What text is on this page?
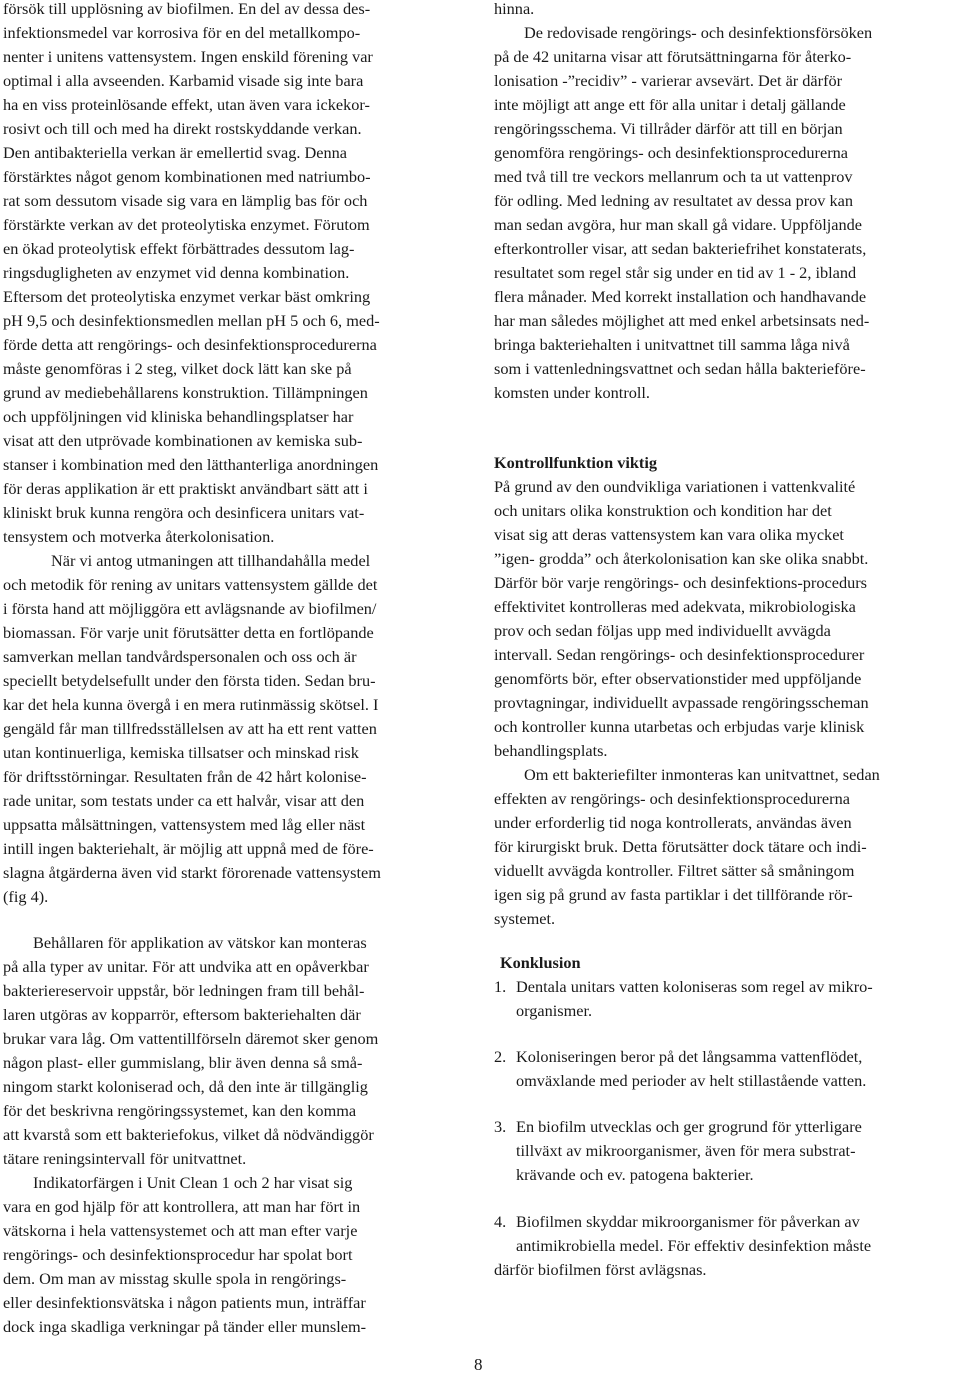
försök till upplösning av biofilmen. En del av dessa des-
infektionsmedel var korrosiva för en del metallkompo-
nenter i unitens vattensystem. Ingen enskild förening var
optimal i alla avseenden. Karbamid visade sig inte bara
ha en viss proteinlösande effekt, utan även vara ickekor-
rosivt och till och med ha direkt rostskyddande verkan.
Den antibakteriella verkan är emellertid svag. Denna
förstärktes något genom kombinationen med natriumbo-
rat som dessutom visade sig vara en lämplig bas för och
förstärkte verkan av det proteolytiska enzymet. Förutom
en ökad proteolytisk effekt förbättrades dessutom lag-
ringsdugligheten av enzymet vid denna kombination.
Eftersom det proteolytiska enzymet verkar bäst omkring
pH 9,5 och desinfektionsmedlen mellan pH 5 och 6, med-
förde detta att rengörings- och desinfektionsprocedurerna
måste genomföras i 2 steg, vilket dock lätt kan ske på
grund av mediebehållarens konstruktion. Tillämpningen
och uppföljningen vid kliniska behandlingsplatser har
visat att den utprövade kombinationen av kemiska sub-
stanser i kombination med den lätthanterliga anordningen
för deras applikation är ett praktiskt användbart sätt att i
kliniskt bruk kunna rengöra och desinficera unitars vat-
tensystem och motverka återkolonisation.
När vi antog utmaningen att tillhandahålla medel
och metodik för rening av unitars vattensystem gällde det
i första hand att möjliggöra ett avlägsnande av biofilmen/
biomassan. För varje unit förutsätter detta en fortlöpande
samverkan mellan tandvårdspersonalen och oss och är
speciellt betydelsefullt under den första tiden. Sedan bru-
kar det hela kunna övergå i en mera rutinmässig skötsel. I
gengäld får man tillfredsställelsen av att ha ett rent vatten
utan kontinuerliga, kemiska tillsatser och minskad risk
för driftsstörningar. Resultaten från de 42 hårt kolonise-
rade unitar, som testats under ca ett halvår, visar att den
uppsatta målsättningen, vattensystem med låg eller näst
intill ingen bakteriehalt, är möjlig att uppnå med de före-
slagna åtgärderna även vid starkt förorenade vattensystem
(fig 4).
Behållaren för applikation av vätskor kan monteras
på alla typer av unitar. För att undvika att en opåverkbar
bakteriereservoir uppstår, bör ledningen fram till behål-
laren utgöras av kopparrör, eftersom bakteriehalten där
brukar vara låg. Om vattentillförseln däremot sker genom
någon plast- eller gummislang, blir även denna så små-
ningom starkt koloniserad och, då den inte är tillgänglig
för det beskrivna rengöringssystemet, kan den komma
att kvarstå som ett bakteriefokus, vilket då nödvändiggör
tätare reningsintervall för unitvattnet.
Indikatorfärgen i Unit Clean 1 och 2 har visat sig
vara en god hjälp för att kontrollera, att man har fört in
vätskorna i hela vattensystemet och att man efter varje
rengörings- och desinfektionsprocedur har spolat bort
dem. Om man av misstag skulle spola in rengörings-
eller desinfektionsvätska i någon patients mun, inträffar
dock inga skadliga verkningar på tänder eller munslem-
hinna.
De redovisade rengörings- och desinfektionsförsöken
på de 42 unitarna visar att förutsättningarna för återko-
lonisation -”recidiv” - varierar avsevärt. Det är därför
inte möjligt att ange ett för alla unitar i detalj gällande
rengöringsschema. Vi tillråder därför att till en början
genomföra rengörings- och desinfektionsprocedurerna
med två till tre veckors mellanrum och ta ut vattenprov
för odling. Med ledning av resultatet av dessa prov kan
man sedan avgöra, hur man skall gå vidare. Uppföljande
efterkontroller visar, att sedan bakteriefrihet konstaterats,
resultatet som regel står sig under en tid av 1 - 2, ibland
flera månader. Med korrekt installation och handhavande
har man således möjlighet att med enkel arbetsinsats ned-
bringa bakteriehalten i unitvattnet till samma låga nivå
som i vattenledningsvattnet och sedan hålla bakterieföre-
komsten under kontroll.
Kontrollfunktion viktig
På grund av den oundvikliga variationen i vattenkvalité
och unitars olika konstruktion och kondition har det
visat sig att deras vattensystem kan vara olika mycket
”igen- grodda” och återkolonisation kan ske olika snabbt.
Därför bör varje rengörings- och desinfektions-procedurs
effektivitet kontrolleras med adekvata, mikrobiologiska
prov och sedan följas upp med individuellt avvägda
intervall. Sedan rengörings- och desinfektionsprocedurer
genomförts bör, efter observationstider med uppföljande
provtagningar, individuellt avpassade rengöringsscheman
och kontroller kunna utarbetas och erbjudas varje klinisk
behandlingsplats.
Om ett bakteriefilter inmonteras kan unitvattnet, sedan
effekten av rengörings- och desinfektionsprocedurerna
under erforderlig tid noga kontrollerats, användas även
för kirurgiskt bruk. Detta förutsätter dock tätare och indi-
viduellt avvägda kontroller. Filtret sätter så småningom
igen sig på grund av fasta partiklar i det tillförande rör-
systemet.
Konklusion
1. Dentala unitars vatten koloniseras som regel av mikro-
organismer.
2. Koloniseringen beror på det långsamma vattenflödet,
omväxlande med perioder av helt stillastående vatten.
3. En biofilm utvecklas och ger grogrund för ytterligare
tillväxt av mikroorganismer, även för mera substrat-
krävande och ev. patogena bakterier.
4. Biofilmen skyddar mikroorganismer för påverkan av
antimikrobiella medel. För effektiv desinfektion måste
därför biofilmen först avlägsnas.
8
